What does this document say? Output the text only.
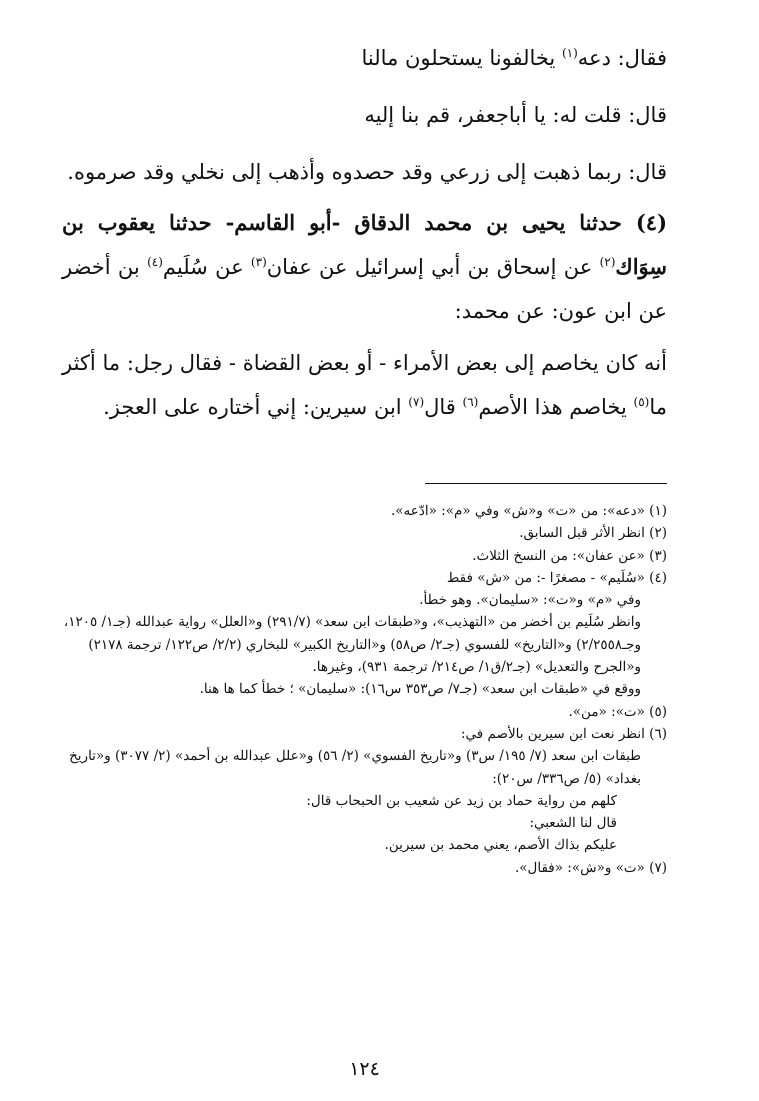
فقال: دعه$^{(١)}$ يخالفونا يستحلون مالنا

قال: قلت له: يا أباجعفر، قم بنا إليه

قال: ربما ذهبت إلى زرعي وقد حصدوه وأذهب إلى نخلي وقد صرموه.

(٤) حدثنا يحيى بن محمد الدقاق -أبو القاسم- حدثنا يعقوب بن سِوَاك$^{(٢)}$ عن إسحاق بن أبي إسرائيل عن عفان$^{(٣)}$ عن سُلَيم$^{(٤)}$ بن أخضر عن ابن عون: عن محمد:

أنه كان يخاصم إلى بعض الأمراء - أو بعض القضاة - فقال رجل: ما أكثر ما$^{(٥)}$ يخاصم هذا الأصم$^{(٦)}$ قال$^{(٧)}$ ابن سيرين: إني أختاره على العجز.

(١) «دعه»: من «ت» و«ش» وفي «م»: «ادّعه».

(٢) انظر الأثر قبل السابق.

(٣) «عن عفان»: من النسخ الثلاث.

(٤) «سُلَيم» - مصغرًا -: من «ش» فقط

وفي «م» و«ت»: «سليمان». وهو خطأ.

وانظر سُلَيم بن أخضر من «التهذيب»، و«طبقات ابن سعد» (٢٩١/٧) و«العلل» رواية عبدالله (جـ١/ ١٢٠٥، وجـ٢/٢٥٥٨) و«التاريخ» للفسوي (جـ٢/ ص٥٨) و«التاريخ الكبير» للبخاري (٢/٢/ ص١٢٢/ ترجمة ٢١٧٨) و«الجرح والتعديل» (جـ٢/ق١/ ص٢١٤/ ترجمة ٩٣١)، وغيرها.

ووقع في «طبقات ابن سعد» (جـ٧/ ص٣٥٣ س١٦): «سليمان» ؛ خطأ كما ها هنا.

(٥) «ت»: «من».

(٦) انظر نعت ابن سيرين بالأصم في:

طبقات ابن سعد (٧/ ١٩٥/ س٣) و«تاريخ الفسوي» (٢/ ٥٦) و«علل عبدالله بن أحمد» (٢/ ٣٠٧٧) و«تاريخ بغداد» (٥/ ص٣٣٦/ س٢٠):

كلهم من رواية حماد بن زيد عن شعيب بن الحبحاب قال:

قال لنا الشعبي:

عليكم بذاك الأصم، يعني محمد بن سيرين.

(٧) «ت» و«ش»: «فقال».

١٢٤
